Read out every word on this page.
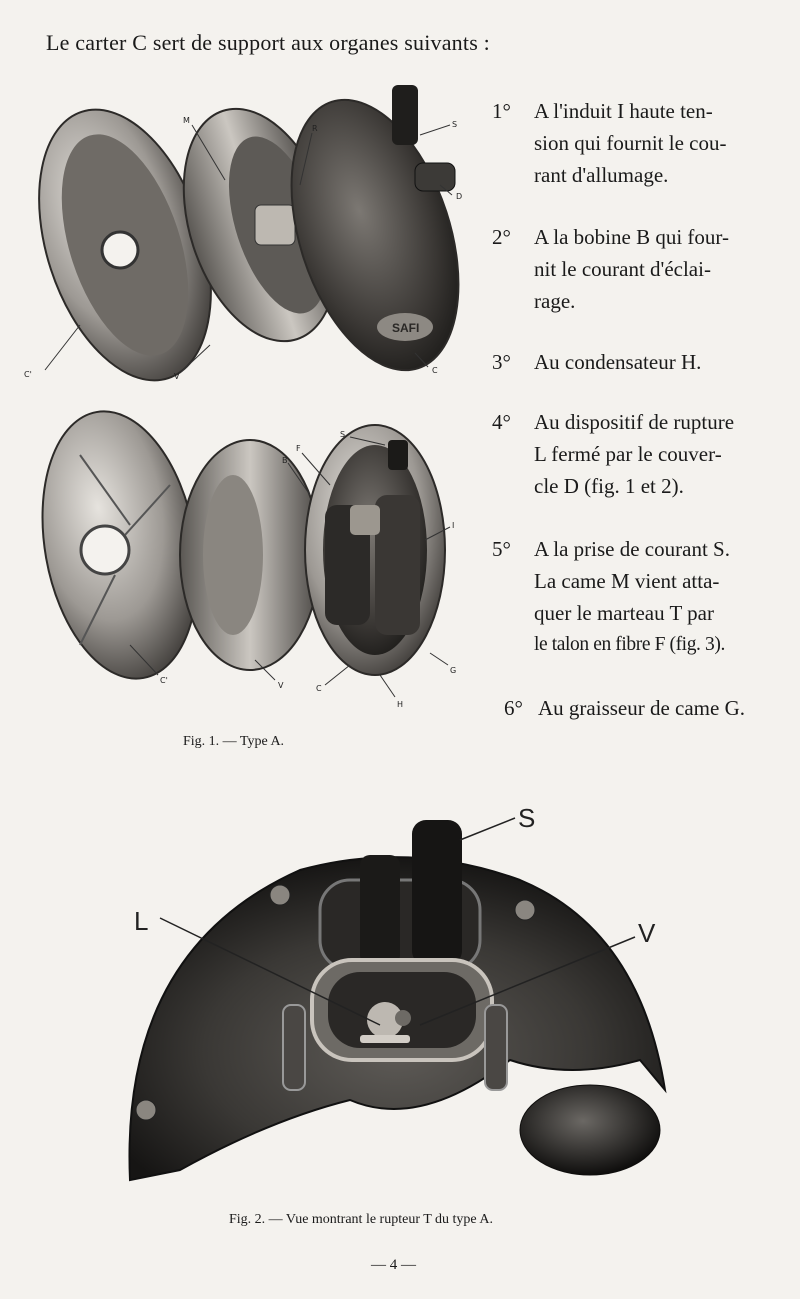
Le carter C sert de support aux organes suivants :
1°	A l'induit I haute ten-
sion qui fournit le cou-
rant d'allumage.
2°	A la bobine B qui four-
nit le courant d'éclai-
rage.
3°	Au condensateur H.
4°	Au dispositif de rupture
L fermé par le couver-
cle D (fig. 1 et 2).
5°	A la prise de courant S.
La came M vient atta-
quer le marteau T par
le talon en fibre F (fig. 3).
6° Au graisseur de came G.
SAFI
M
R	S
D
C'	V
C
S
B
F
I
C'
V	C
H
G
Fig. 1. — Type A.
S
L	V
Fig. 2. — Vue montrant le rupteur T du type A.
— 4 —
